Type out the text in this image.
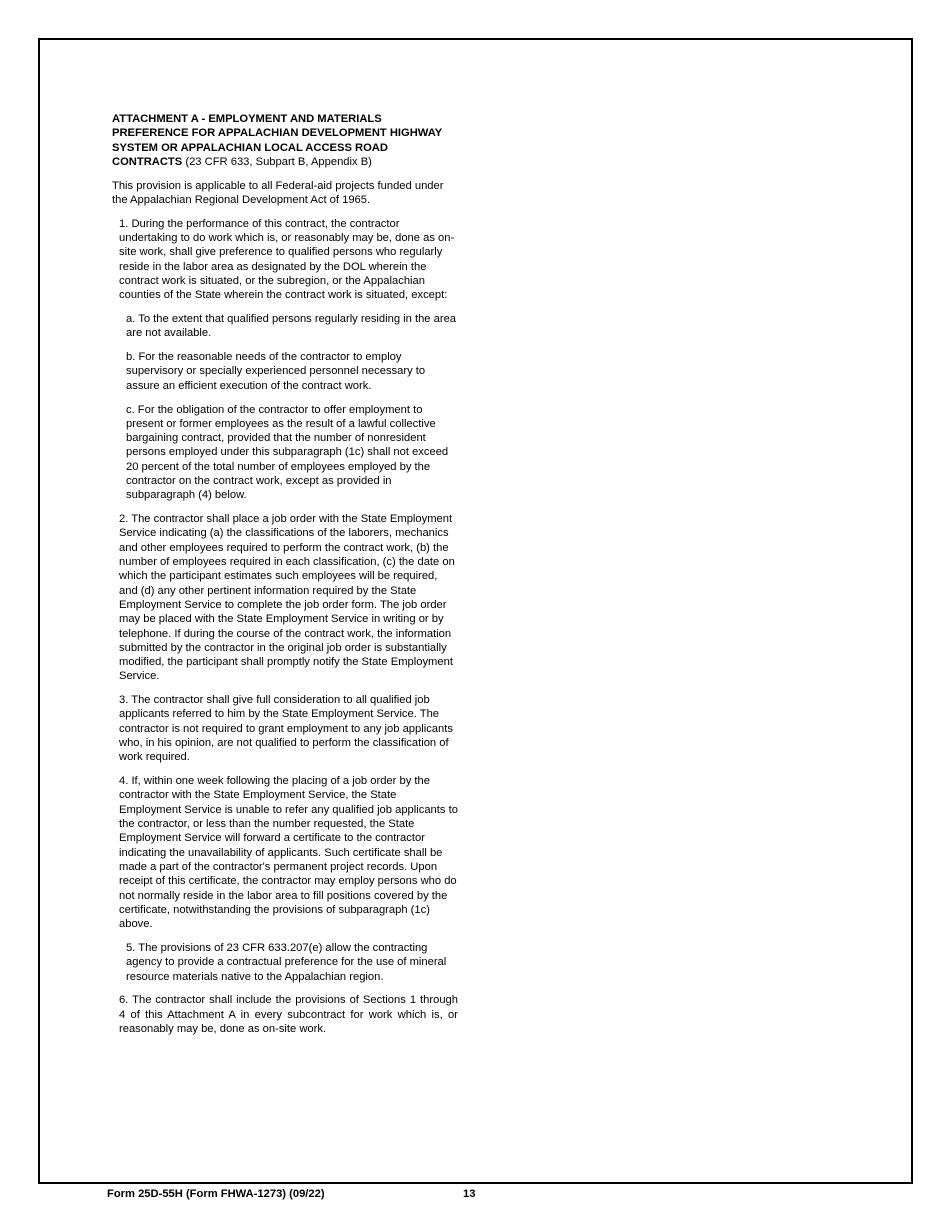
ATTACHMENT A - EMPLOYMENT AND MATERIALS PREFERENCE FOR APPALACHIAN DEVELOPMENT HIGHWAY SYSTEM OR APPALACHIAN LOCAL ACCESS ROAD CONTRACTS (23 CFR 633, Subpart B, Appendix B)

This provision is applicable to all Federal-aid projects funded under the Appalachian Regional Development Act of 1965.

1. During the performance of this contract, the contractor undertaking to do work which is, or reasonably may be, done as on-site work, shall give preference to qualified persons who regularly reside in the labor area as designated by the DOL wherein the contract work is situated, or the subregion, or the Appalachian counties of the State wherein the contract work is situated, except:

a. To the extent that qualified persons regularly residing in the area are not available.

b. For the reasonable needs of the contractor to employ supervisory or specially experienced personnel necessary to assure an efficient execution of the contract work.

c. For the obligation of the contractor to offer employment to present or former employees as the result of a lawful collective bargaining contract, provided that the number of nonresident persons employed under this subparagraph (1c) shall not exceed 20 percent of the total number of employees employed by the contractor on the contract work, except as provided in subparagraph (4) below.

2. The contractor shall place a job order with the State Employment Service indicating (a) the classifications of the laborers, mechanics and other employees required to perform the contract work, (b) the number of employees required in each classification, (c) the date on which the participant estimates such employees will be required, and (d) any other pertinent information required by the State Employment Service to complete the job order form. The job order may be placed with the State Employment Service in writing or by telephone. If during the course of the contract work, the information submitted by the contractor in the original job order is substantially modified, the participant shall promptly notify the State Employment Service.

3. The contractor shall give full consideration to all qualified job applicants referred to him by the State Employment Service. The contractor is not required to grant employment to any job applicants who, in his opinion, are not qualified to perform the classification of work required.

4. If, within one week following the placing of a job order by the contractor with the State Employment Service, the State Employment Service is unable to refer any qualified job applicants to the contractor, or less than the number requested, the State Employment Service will forward a certificate to the contractor indicating the unavailability of applicants. Such certificate shall be made a part of the contractor's permanent project records. Upon receipt of this certificate, the contractor may employ persons who do not normally reside in the labor area to fill positions covered by the certificate, notwithstanding the provisions of subparagraph (1c) above.

5. The provisions of 23 CFR 633.207(e) allow the contracting agency to provide a contractual preference for the use of mineral resource materials native to the Appalachian region.

6. The contractor shall include the provisions of Sections 1 through 4 of this Attachment A in every subcontract for work which is, or reasonably may be, done as on-site work.

Form 25D-55H (Form FHWA-1273) (09/22)	13
